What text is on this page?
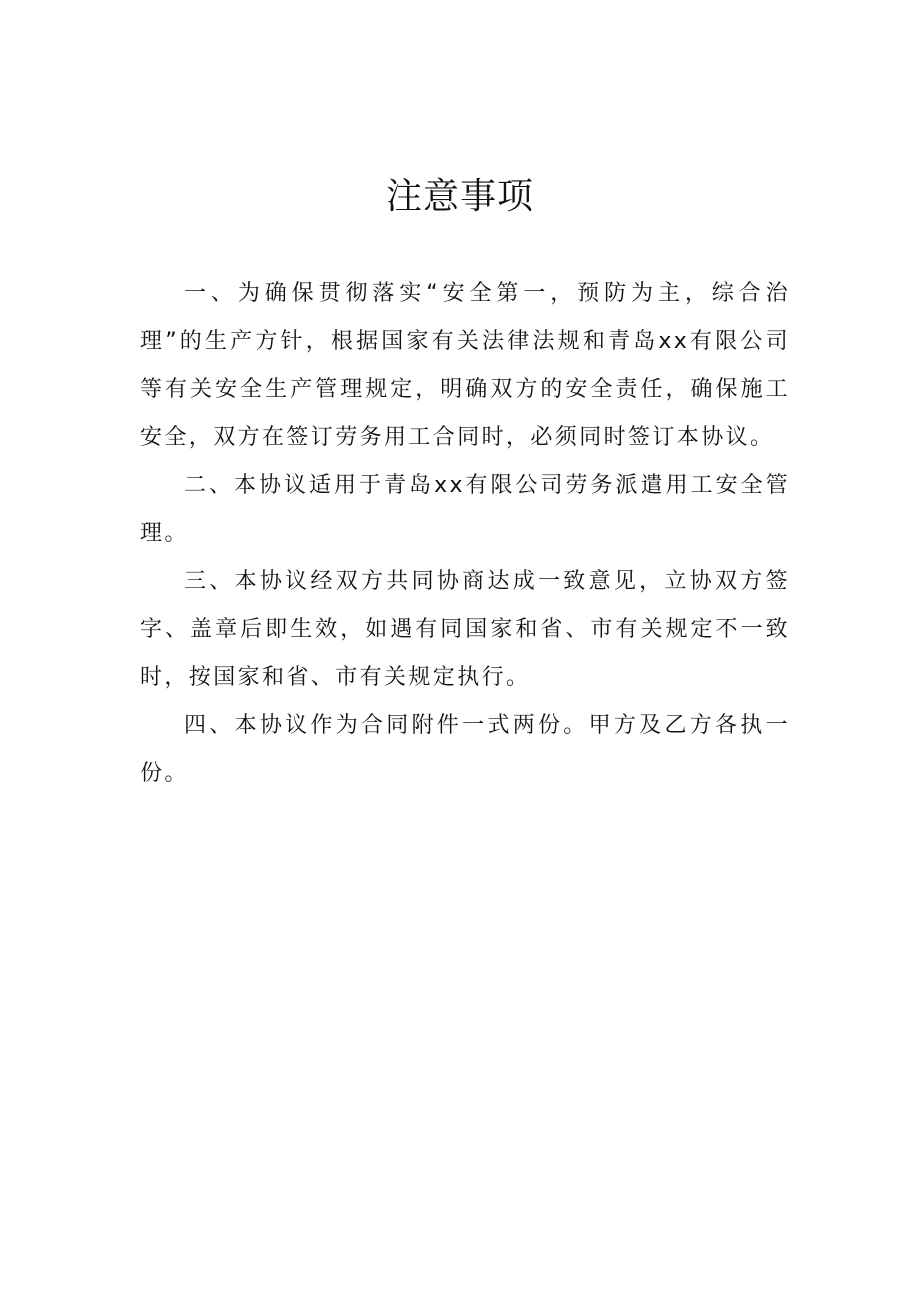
注意事项

一、为确保贯彻落实“安全第一，预防为主，综合治理”的生产方针，根据国家有关法律法规和青岛xx有限公司等有关安全生产管理规定，明确双方的安全责任，确保施工安全，双方在签订劳务用工合同时，必须同时签订本协议。

二、本协议适用于青岛xx有限公司劳务派遣用工安全管理。

三、本协议经双方共同协商达成一致意见，立协双方签字、盖章后即生效，如遇有同国家和省、市有关规定不一致时，按国家和省、市有关规定执行。

四、本协议作为合同附件一式两份。甲方及乙方各执一份。
